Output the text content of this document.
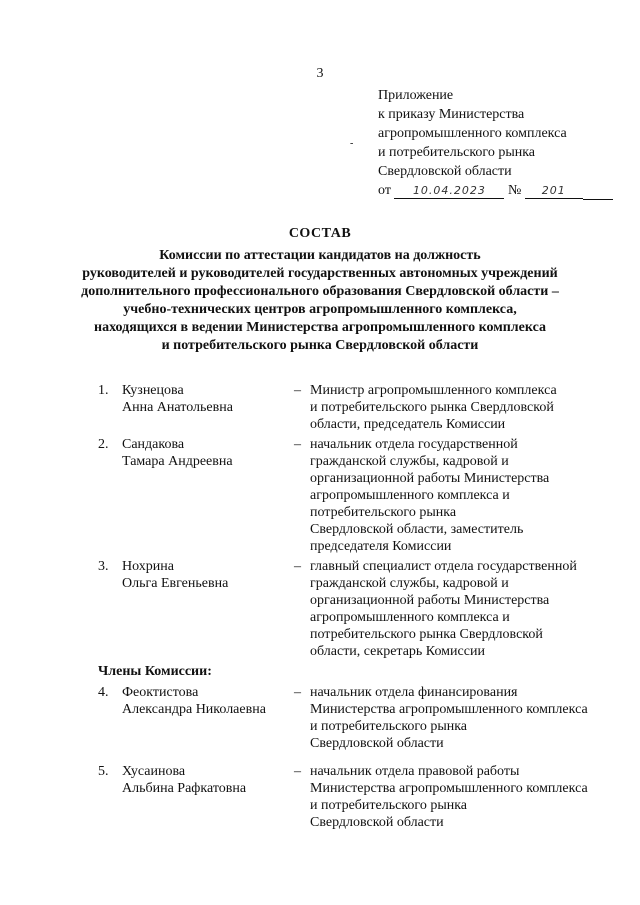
3
Приложение
к приказу Министерства
агропромышленного комплекса
и потребительского рынка
Свердловской области
от 10.04.2023 № 201
-
СОСТАВ
Комиссии по аттестации кандидатов на должность
руководителей и руководителей государственных автономных учреждений
дополнительного профессионального образования Свердловской области –
учебно-технических центров агропромышленного комплекса,
находящихся в ведении Министерства агропромышленного комплекса
и потребительского рынка Свердловской области
1. Кузнецова
Анна Анатольевна
– Министр агропромышленного комплекса
и потребительского рынка Свердловской
области, председатель Комиссии
2. Сандакова
Тамара Андреевна
– начальник отдела государственной
гражданской службы, кадровой и
организационной работы Министерства
агропромышленного комплекса и
потребительского рынка
Свердловской области, заместитель
председателя Комиссии
3. Нохрина
Ольга Евгеньевна
– главный специалист отдела государственной
гражданской службы, кадровой и
организационной работы Министерства
агропромышленного комплекса и
потребительского рынка Свердловской
области, секретарь Комиссии
Члены Комиссии:
4. Феоктистова
Александра Николаевна
– начальник отдела финансирования
Министерства агропромышленного комплекса
и потребительского рынка
Свердловской области
5. Хусаинова
Альбина Рафкатовна
– начальник отдела правовой работы
Министерства агропромышленного комплекса
и потребительского рынка
Свердловской области
